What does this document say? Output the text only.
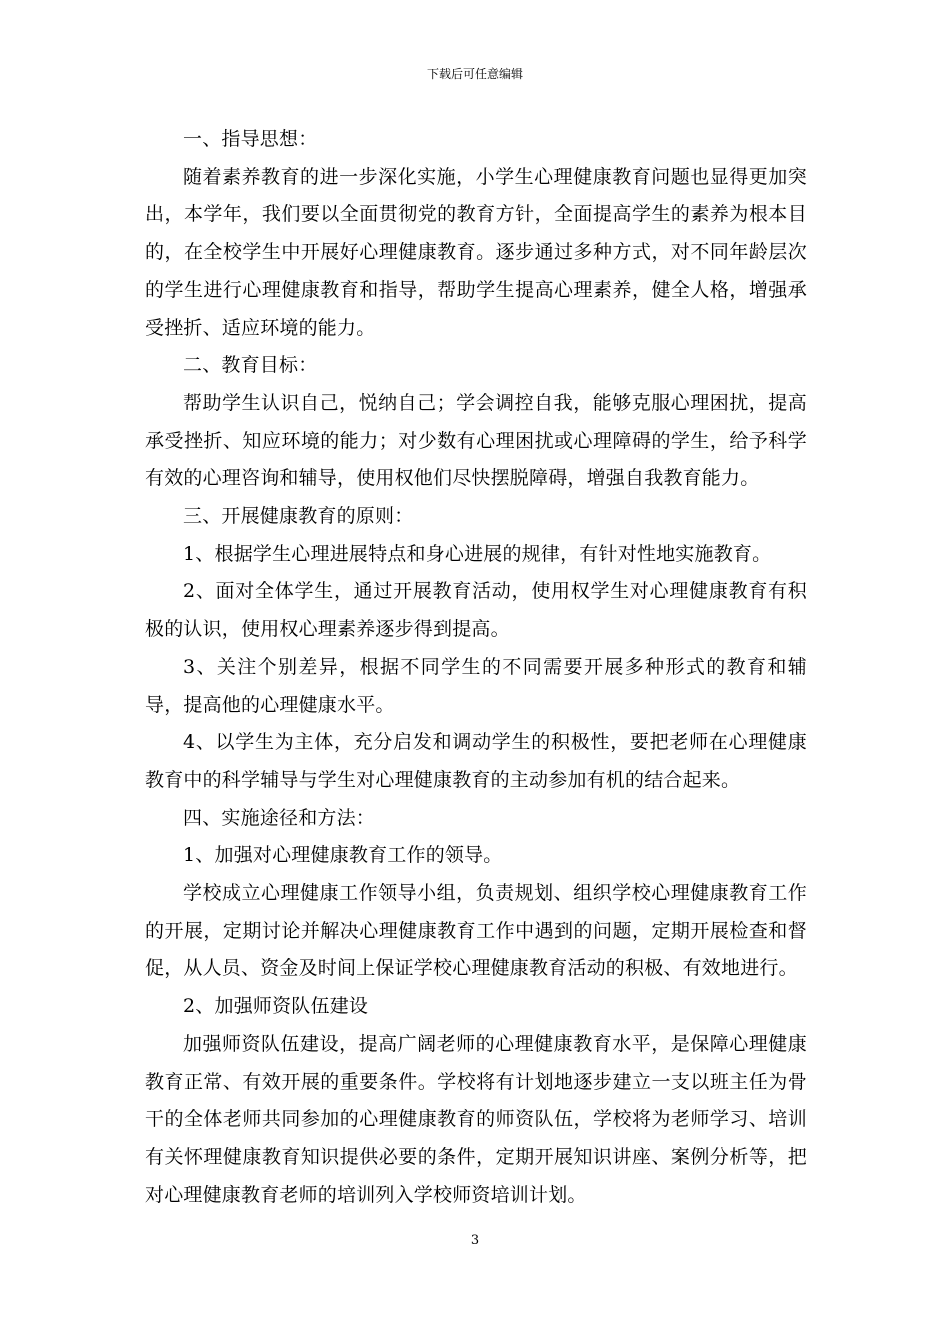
下载后可任意编辑

一、指导思想：

随着素养教育的进一步深化实施，小学生心理健康教育问题也显得更加突出，本学年，我们要以全面贯彻党的教育方针，全面提高学生的素养为根本目的，在全校学生中开展好心理健康教育。逐步通过多种方式，对不同年龄层次的学生进行心理健康教育和指导，帮助学生提高心理素养，健全人格，增强承受挫折、适应环境的能力。

二、教育目标：

帮助学生认识自己，悦纳自己；学会调控自我，能够克服心理困扰，提高承受挫折、知应环境的能力；对少数有心理困扰或心理障碍的学生，给予科学有效的心理咨询和辅导，使用权他们尽快摆脱障碍，增强自我教育能力。

三、开展健康教育的原则：

1、根据学生心理进展特点和身心进展的规律，有针对性地实施教育。

2、面对全体学生，通过开展教育活动，使用权学生对心理健康教育有积极的认识，使用权心理素养逐步得到提高。

3、关注个别差异，根据不同学生的不同需要开展多种形式的教育和辅导，提高他的心理健康水平。

4、以学生为主体，充分启发和调动学生的积极性，要把老师在心理健康教育中的科学辅导与学生对心理健康教育的主动参加有机的结合起来。

四、实施途径和方法：

1、加强对心理健康教育工作的领导。

学校成立心理健康工作领导小组，负责规划、组织学校心理健康教育工作的开展，定期讨论并解决心理健康教育工作中遇到的问题，定期开展检查和督促，从人员、资金及时间上保证学校心理健康教育活动的积极、有效地进行。

2、加强师资队伍建设

加强师资队伍建设，提高广阔老师的心理健康教育水平，是保障心理健康教育正常、有效开展的重要条件。学校将有计划地逐步建立一支以班主任为骨干的全体老师共同参加的心理健康教育的师资队伍，学校将为老师学习、培训有关怀理健康教育知识提供必要的条件，定期开展知识讲座、案例分析等，把对心理健康教育老师的培训列入学校师资培训计划。

3
